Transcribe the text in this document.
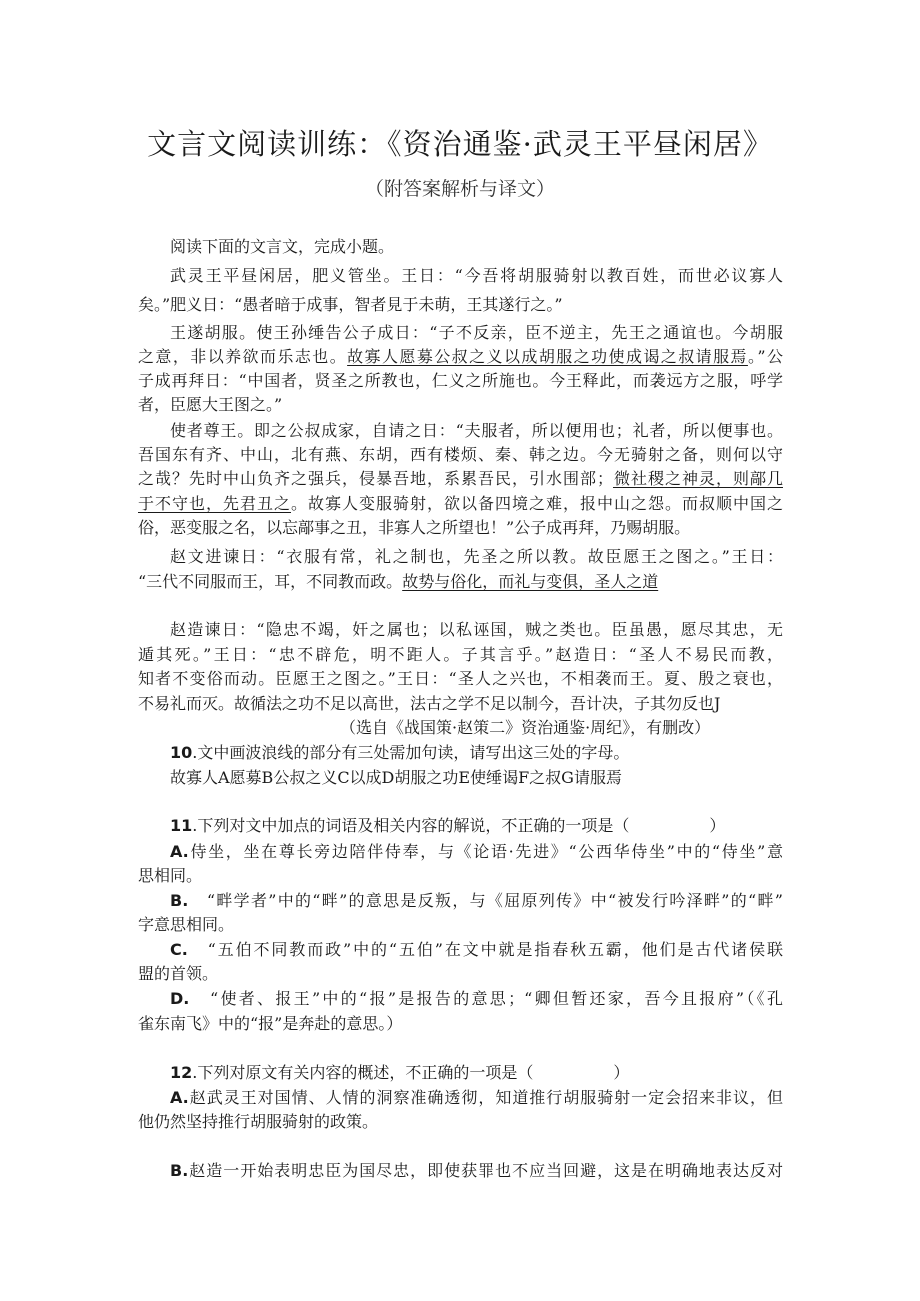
文言文阅读训练：《资治通鉴·武灵王平昼闲居》
（附答案解析与译文）
阅读下面的文言文，完成小题。
武灵王平昼闲居，肥义管坐。王日：“今吾将胡服骑射以教百姓，而世必议寡人
矣。”肥义日：“愚者暗于成事，智者見于未萌，王其遂行之。”
王遂胡服。使王孙缍告公子成日：“子不反亲，臣不逆主，先王之通谊也。今胡服
之意，非以养欲而乐志也。故寡人愿募公叔之义以成胡服之功使成谒之叔请服焉。”公
子成再拜日：“中国者，贤圣之所教也，仁义之所施也。今王释此，而袭远方之服，呼学
者，臣愿大王图之。”
使者尊王。即之公叔成家，自请之日：“夫服者，所以便用也；礼者，所以便事也。
吾国东有齐、中山，北有燕、东胡，西有楼烦、秦、韩之边。今无骑射之备，则何以守
之哉？先时中山负齐之强兵，侵暴吾地，系累吾民，引水围部；微社稷之神灵，则鄗几
于不守也，先君丑之。故寡人变服骑射，欲以备四境之难，报中山之怨。而叔顺中国之
俗，恶变服之名，以忘鄗事之丑，非寡人之所望也！”公子成再拜，乃赐胡服。
赵文进谏日：“衣服有常，礼之制也，先圣之所以教。故臣愿王之图之。”王日：
“三代不同服而王，耳，不同教而政。故势与俗化，而礼与变俱，圣人之道
赵造谏日：“隐忠不竭，奸之属也；以私诬国，贼之类也。臣虽愚，愿尽其忠，无
遁其死。”王日：“忠不辟危，明不距人。子其言乎。”赵造日：“圣人不易民而教，
知者不变俗而动。臣愿王之图之。”王日：“圣人之兴也，不相袭而王。夏、殷之衰也，
不易礼而灭。故循法之功不足以高世，法古之学不足以制今，吾计决，子其勿反也J
（选自《战国策·赵策二》资治通鉴·周纪》，有删改）
10.文中画波浪线的部分有三处需加句读，请写出这三处的字母。
故寡人A愿募B公叔之义C以成D胡服之功E使缍谒F之叔G请服焉
11.下列对文中加点的词语及相关内容的解说，不正确的一项是（　　　　　）
A.侍坐，坐在尊长旁边陪伴侍奉，与《论语·先进》“公西华侍坐”中的“侍坐”意
思相同。
B.　“畔学者”中的“畔”的意思是反叛，与《屈原列传》中“被发行吟泽畔”的“畔”
字意思相同。
C.　“五伯不同教而政”中的“五伯”在文中就是指春秋五霸，他们是古代诸侯联
盟的首领。
D.　“使者、报王”中的“报”是报告的意思；“卿但暂还家，吾今且报府”（《孔
雀东南飞》中的“报”是奔赴的意思。）
12.下列对原文有关内容的概述，不正确的一项是（　　　　　）
A.赵武灵王对国情、人情的洞察准确透彻，知道推行胡服骑射一定会招来非议，但
他仍然坚持推行胡服骑射的政策。
B.赵造一开始表明忠臣为国尽忠，即使获罪也不应当回避，这是在明确地表达反对
